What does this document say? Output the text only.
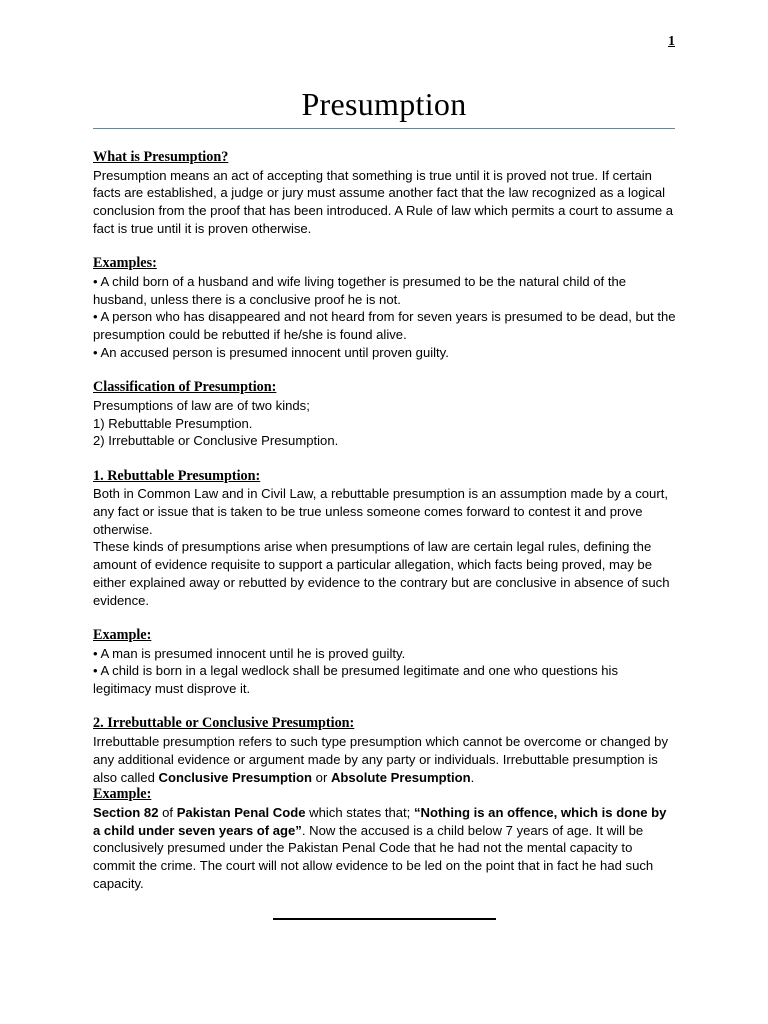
1
Presumption

What is Presumption?

Presumption means an act of accepting that something is true until it is proved not true. If certain facts are established, a judge or jury must assume another fact that the law recognized as a logical conclusion from the proof that has been introduced. A Rule of law which permits a court to assume a fact is true until it is proven otherwise.

Examples:

• A child born of a husband and wife living together is presumed to be the natural child of the husband, unless there is a conclusive proof he is not.

• A person who has disappeared and not heard from for seven years is presumed to be dead, but the presumption could be rebutted if he/she is found alive.

• An accused person is presumed innocent until proven guilty.

Classification of Presumption:

Presumptions of law are of two kinds;

1) Rebuttable Presumption.

2) Irrebuttable or Conclusive Presumption.

1. Rebuttable Presumption:

Both in Common Law and in Civil Law, a rebuttable presumption is an assumption made by a court, any fact or issue that is taken to be true unless someone comes forward to contest it and prove otherwise.

These kinds of presumptions arise when presumptions of law are certain legal rules, defining the amount of evidence requisite to support a particular allegation, which facts being proved, may be either explained away or rebutted by evidence to the contrary but are conclusive in absence of such evidence.

Example:

• A man is presumed innocent until he is proved guilty.

• A child is born in a legal wedlock shall be presumed legitimate and one who questions his legitimacy must disprove it.

2. Irrebuttable or Conclusive Presumption:

Irrebuttable presumption refers to such type presumption which cannot be overcome or changed by any additional evidence or argument made by any party or individuals. Irrebuttable presumption is also called Conclusive Presumption or Absolute Presumption.

Example:

Section 82 of Pakistan Penal Code which states that; “Nothing is an offence, which is done by a child under seven years of age”. Now the accused is a child below 7 years of age. It will be conclusively presumed under the Pakistan Penal Code that he had not the mental capacity to commit the crime. The court will not allow evidence to be led on the point that in fact he had such capacity.
